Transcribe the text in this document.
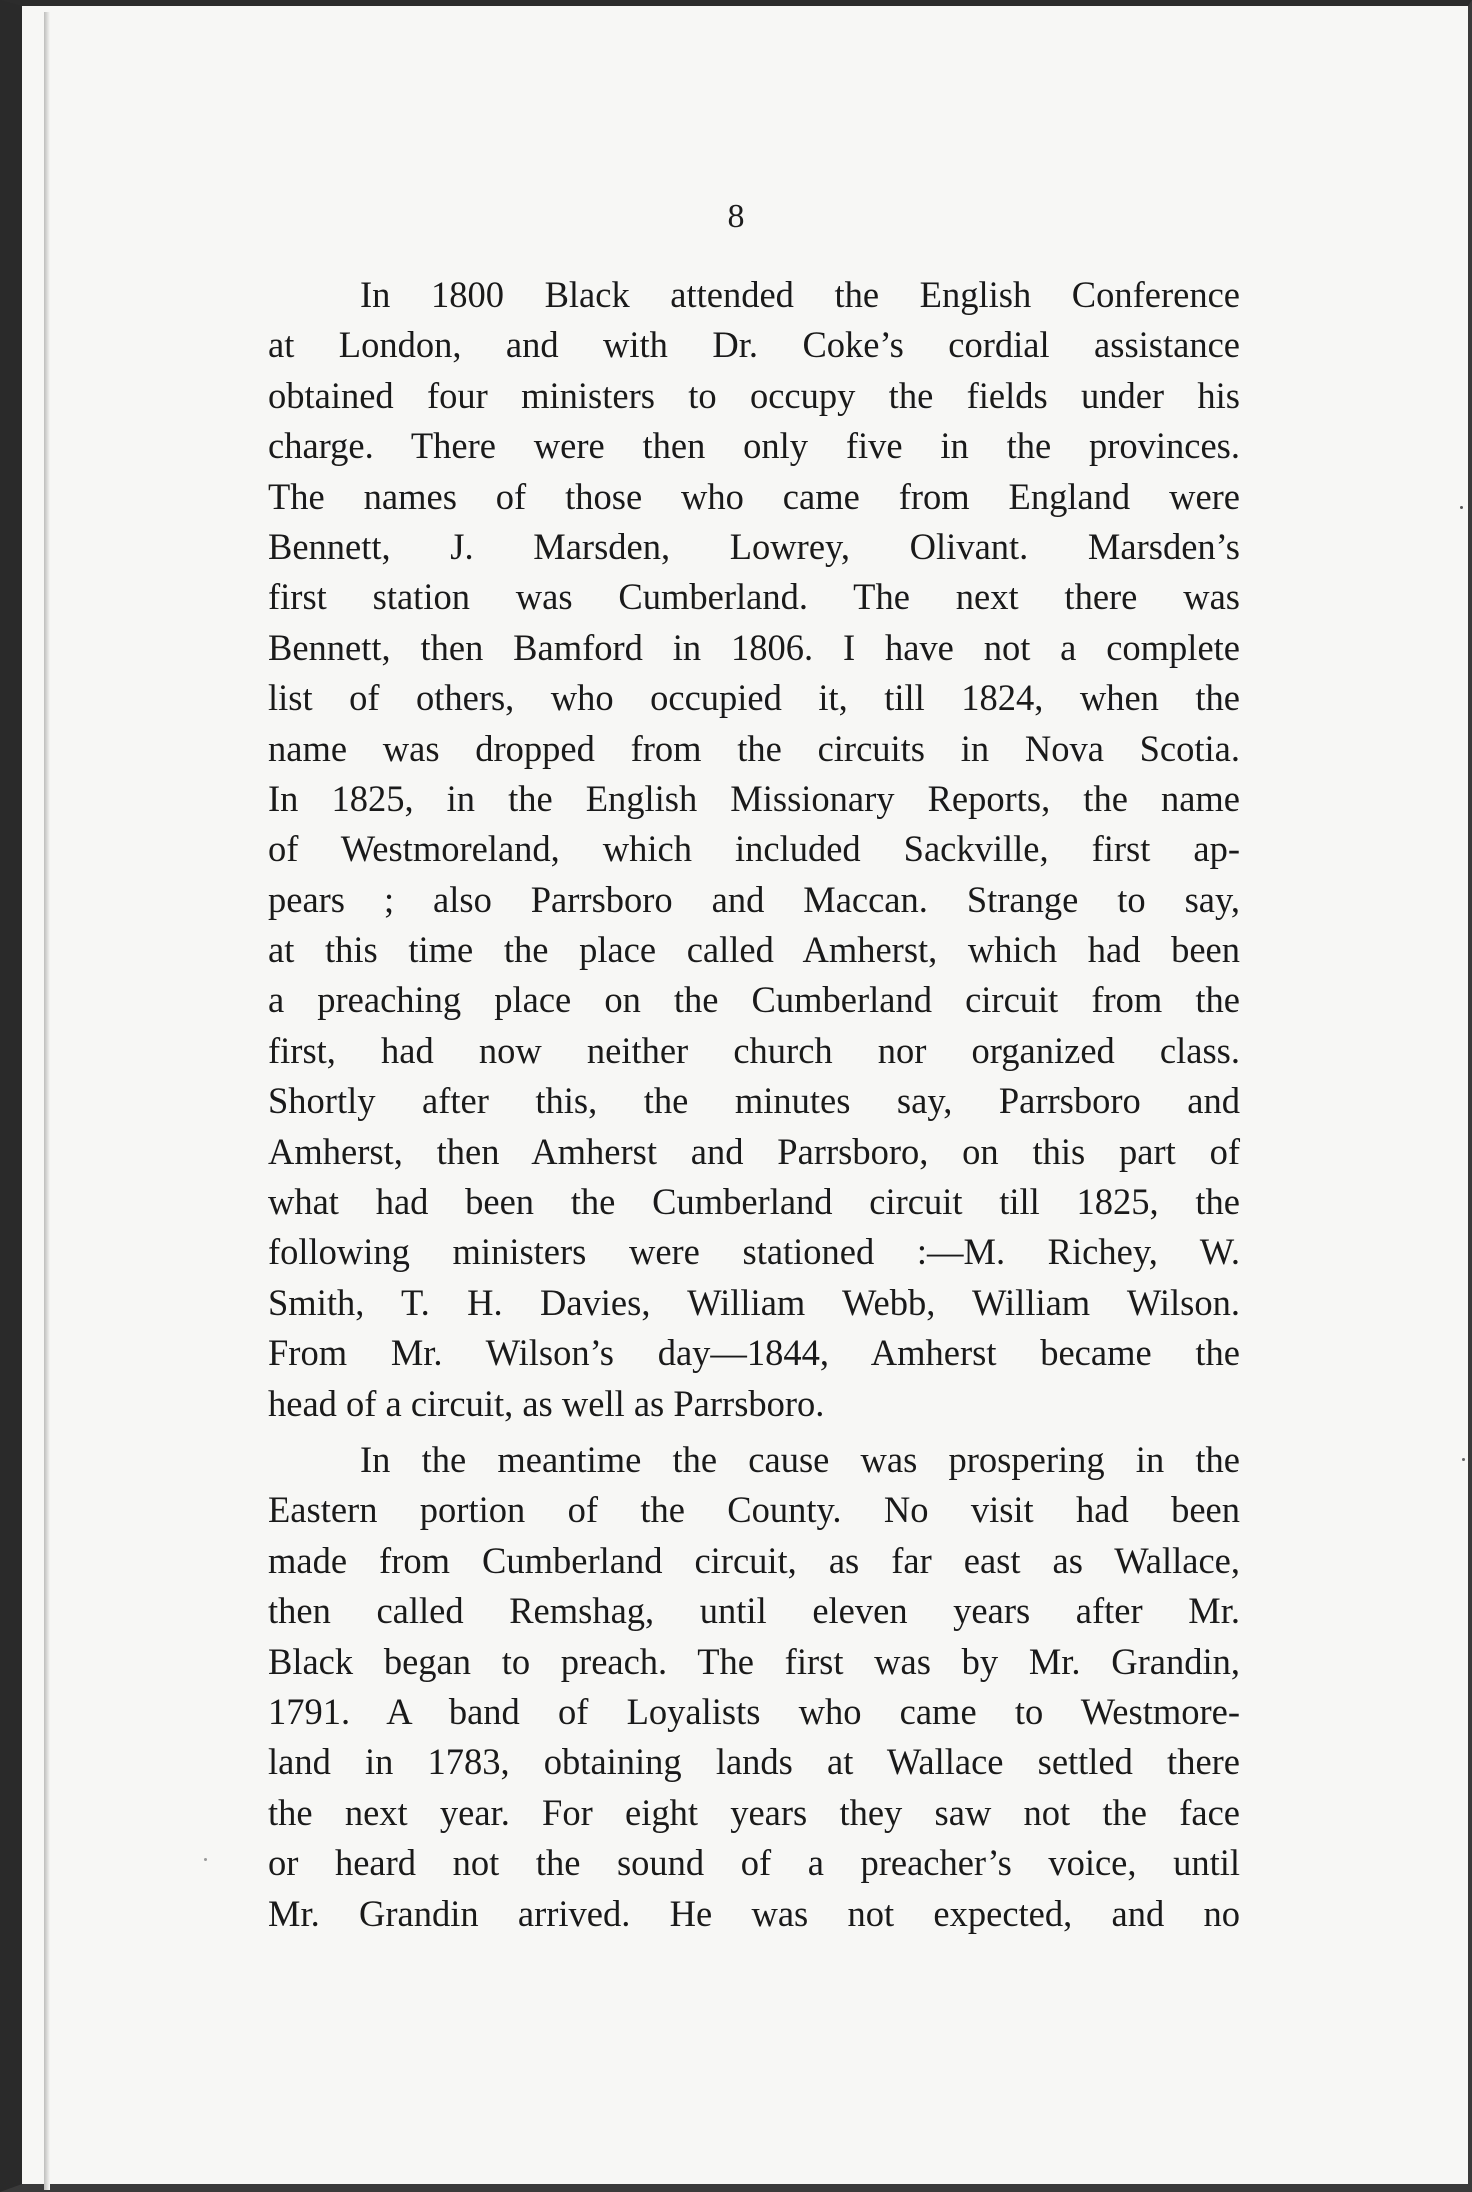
8
In 1800 Black attended the English Conference
at London, and with Dr. Coke’s cordial assistance
obtained four ministers to occupy the fields under his
charge. There were then only five in the provinces.
The names of those who came from England were
Bennett, J. Marsden, Lowrey, Olivant. Marsden’s
first station was Cumberland. The next there was
Bennett, then Bamford in 1806. I have not a complete
list of others, who occupied it, till 1824, when the
name was dropped from the circuits in Nova Scotia.
In 1825, in the English Missionary Reports, the name
of Westmoreland, which included Sackville, first ap-
pears ; also Parrsboro and Maccan. Strange to say,
at this time the place called Amherst, which had been
a preaching place on the Cumberland circuit from the
first, had now neither church nor organized class.
Shortly after this, the minutes say, Parrsboro and
Amherst, then Amherst and Parrsboro, on this part of
what had been the Cumberland circuit till 1825, the
following ministers were stationed :—M. Richey, W.
Smith, T. H. Davies, William Webb, William Wilson.
From Mr. Wilson’s day—1844, Amherst became the
head of a circuit, as well as Parrsboro.
In the meantime the cause was prospering in the
Eastern portion of the County. No visit had been
made from Cumberland circuit, as far east as Wallace,
then called Remshag, until eleven years after Mr.
Black began to preach. The first was by Mr. Grandin,
1791. A band of Loyalists who came to Westmore-
land in 1783, obtaining lands at Wallace settled there
the next year. For eight years they saw not the face
or heard not the sound of a preacher’s voice, until
Mr. Grandin arrived. He was not expected, and no
